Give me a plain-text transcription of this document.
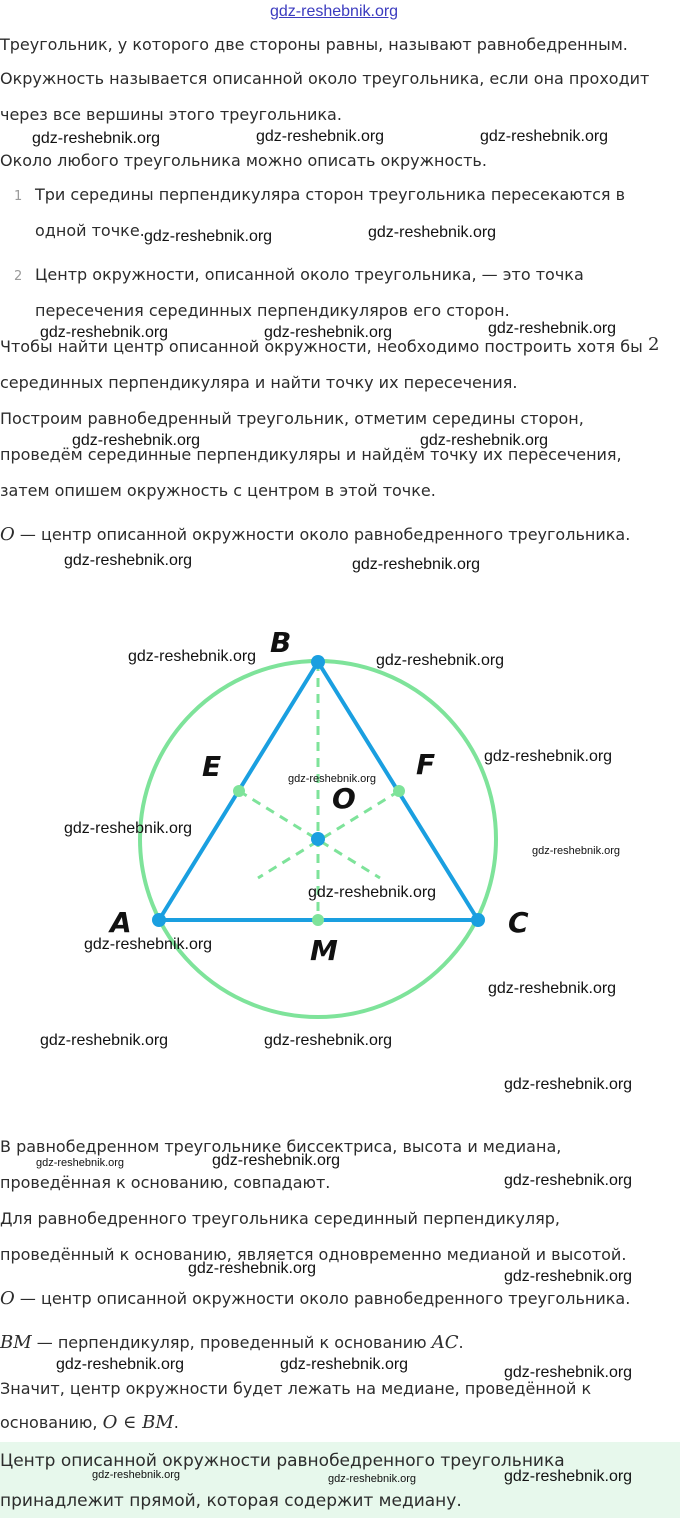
gdz-reshebnik.org

Треугольник, у которого две стороны равны, называют равнобедренным.

Окружность называется описанной около треугольника, если она проходит

через все вершины этого треугольника.

Около любого треугольника можно описать окружность.

1 Три середины перпендикуляра сторон треугольника пересекаются в

одной точке.

2 Центр окружности, описанной около треугольника, — это точка

пересечения серединных перпендикуляров его сторон.

Чтобы найти центр описанной окружности, необходимо построить хотя бы 2

серединных перпендикуляра и найти точку их пересечения.

Построим равнобедренный треугольник, отметим середины сторон,

проведём серединные перпендикуляры и найдём точку их пересечения,

затем опишем окружность с центром в этой точке.

O — центр описанной окружности около равнобедренного треугольника.

A
B
C
E	F
O
M

В равнобедренном треугольнике биссектриса, высота и медиана,

проведённая к основанию, совпадают.

Для равнобедренного треугольника серединный перпендикуляр,

проведённый к основанию, является одновременно медианой и высотой.

O — центр описанной окружности около равнобедренного треугольника.

BM — перпендикуляр, проведенный к основанию AC.

Значит, центр окружности будет лежать на медиане, проведённой к

основанию, O ∈ BM.

Центр описанной окружности равнобедренного треугольника

принадлежит прямой, которая содержит медиану.

gdz-reshebnik.org	gdz-reshebnik.org	gdz-reshebnik.org
gdz-reshebnik.org	gdz-reshebnik.org
gdz-reshebnik.org	gdz-reshebnik.org	gdz-reshebnik.org
gdz-reshebnik.org	gdz-reshebnik.org
gdz-reshebnik.org	gdz-reshebnik.org
gdz-reshebnik.org	gdz-reshebnik.org
gdz-reshebnik.org
gdz-reshebnik.org
gdz-reshebnik.org
gdz-reshebnik.org
gdz-reshebnik.org
gdz-reshebnik.org
gdz-reshebnik.org
gdz-reshebnik.org	gdz-reshebnik.org
gdz-reshebnik.org
gdz-reshebnik.org	gdz-reshebnik.org
gdz-reshebnik.org
gdz-reshebnik.org	gdz-reshebnik.org
gdz-reshebnik.org	gdz-reshebnik.org	gdz-reshebnik.org
gdz-reshebnik.org	gdz-reshebnik.org	gdz-reshebnik.org
